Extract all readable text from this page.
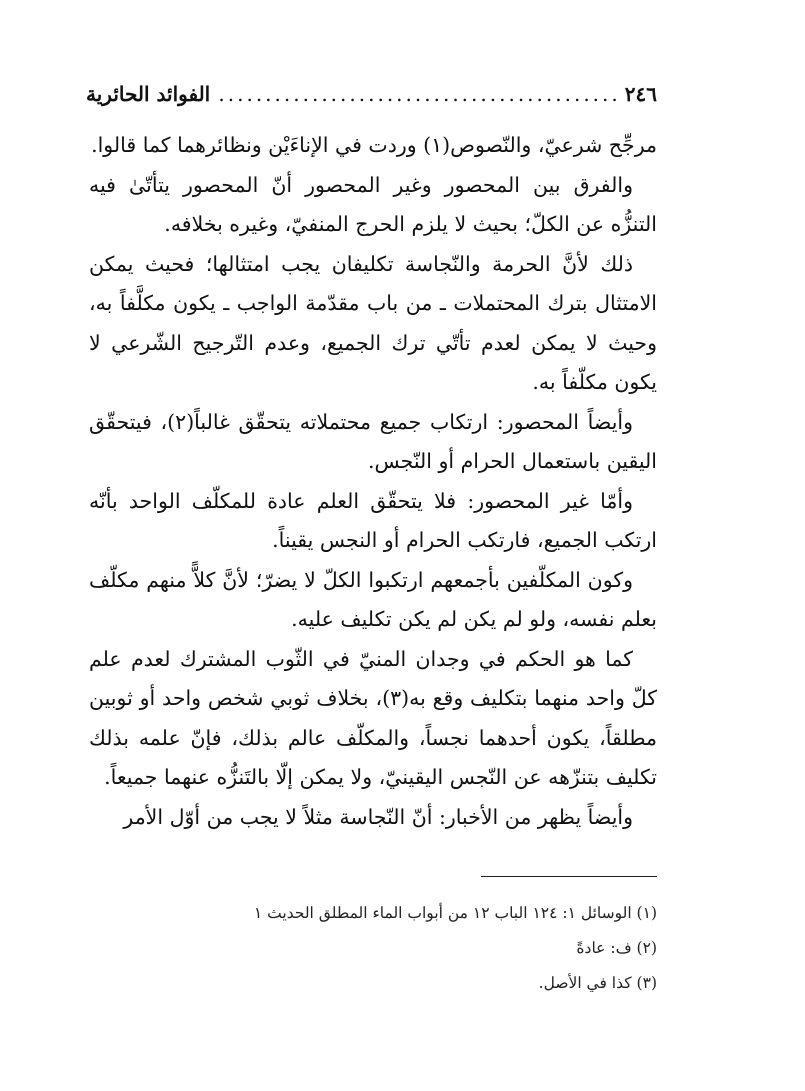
٢٤٦
.....
الفوائد الحائرية

مرجِّح شرعيّ، والنّصوص(١) وردت في الإناءَيْن ونظائرهما كما قالوا.

والفرق بين المحصور وغير المحصور أنّ المحصور يتأتّىٰ فيه التنزُّه عن الكلّ؛ بحيث لا يلزم الحرج المنفيّ، وغيره بخلافه.

ذلك لأنَّ الحرمة والنّجاسة تكليفان يجب امتثالها؛ فحيث يمكن الامتثال بترك المحتملات ـ من باب مقدّمة الواجب ـ يكون مكلَّفاً به، وحيث لا يمكن لعدم تأتّي ترك الجميع، وعدم التّرجيح الشّرعي لا يكون مكلّفاً به.

وأيضاً المحصور: ارتكاب جميع محتملاته يتحقّق غالباً(٢)، فيتحقّق اليقين باستعمال الحرام أو النّجس.

وأمّا غير المحصور: فلا يتحقّق العلم عادة للمكلّف الواحد بأنّه ارتكب الجميع، فارتكب الحرام أو النجس يقيناً.

وكون المكلّفين بأجمعهم ارتكبوا الكلّ لا يضرّ؛ لأنَّ كلاًّ منهم مكلّف بعلم نفسه، ولو لم يكن لم يكن تكليف عليه.

كما هو الحكم في وجدان المنيّ في الثّوب المشترك لعدم علم كلّ واحد منهما بتكليف وقع به(٣)، بخلاف ثوبي شخص واحد أو ثوبين مطلقاً، يكون أحدهما نجساً، والمكلّف عالم بذلك، فإنّ علمه بذلك تكليف بتنزّهه عن النّجس اليقينيّ، ولا يمكن إلّا بالتَنزُّه عنهما جميعاً.

وأيضاً يظهر من الأخبار: أنّ النّجاسة مثلاً لا يجب من أوّل الأمر

(١) الوسائل ١: ١٢٤ الباب ١٢ من أبواب الماء المطلق الحديث ١
(٢) ف: عادةً
(٣) كذا في الأصل.
